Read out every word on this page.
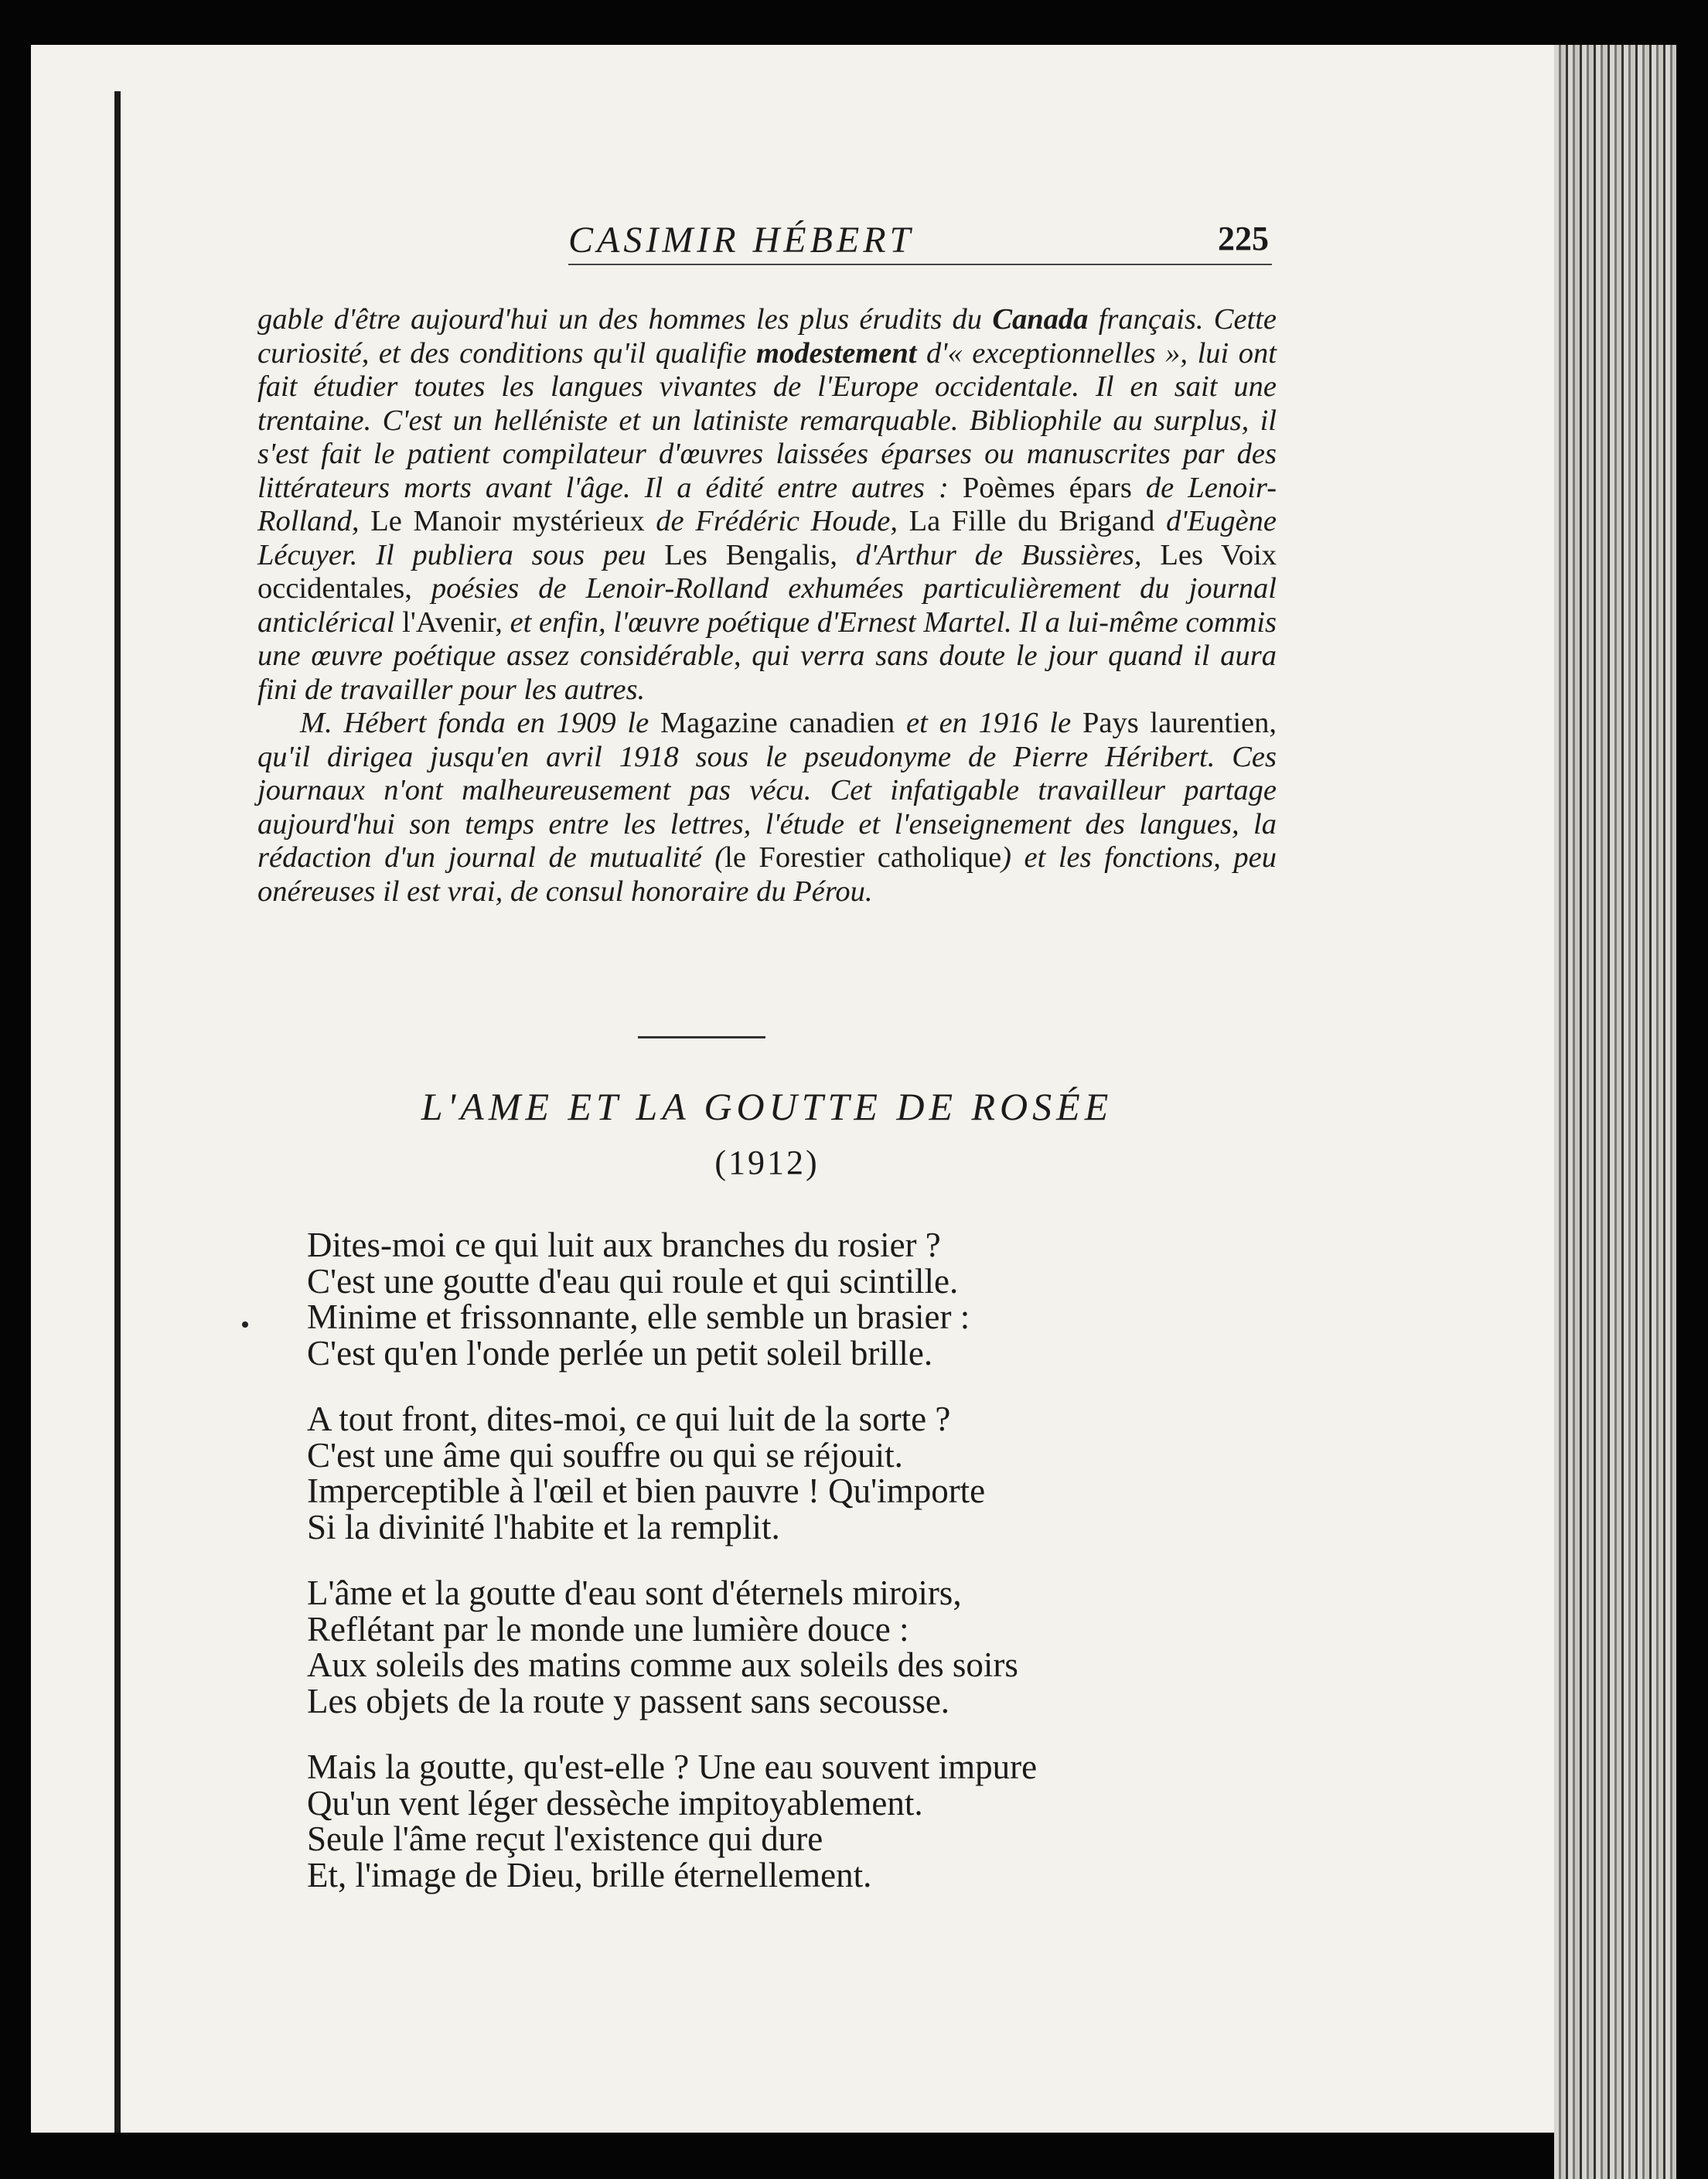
CASIMIR HÉBERT	225

gable d'être aujourd'hui un des hommes les plus érudits du Canada français. Cette curiosité, et des conditions qu'il qualifie modestement d'« exceptionnelles », lui ont fait étudier toutes les langues vivantes de l'Europe occidentale. Il en sait une trentaine. C'est un helléniste et un latiniste remarquable. Bibliophile au surplus, il s'est fait le patient compilateur d'œuvres laissées éparses ou manuscrites par des littérateurs morts avant l'âge. Il a édité entre autres : Poèmes épars de Lenoir-Rolland, Le Manoir mystérieux de Frédéric Houde, La Fille du Brigand d'Eugène Lécuyer. Il publiera sous peu Les Bengalis, d'Arthur de Bussières, Les Voix occidentales, poésies de Lenoir-Rolland exhumées particulièrement du journal anticlérical l'Avenir, et enfin, l'œuvre poétique d'Ernest Martel. Il a lui-même commis une œuvre poétique assez considérable, qui verra sans doute le jour quand il aura fini de travailler pour les autres.

M. Hébert fonda en 1909 le Magazine canadien et en 1916 le Pays laurentien, qu'il dirigea jusqu'en avril 1918 sous le pseudonyme de Pierre Héribert. Ces journaux n'ont malheureusement pas vécu. Cet infatigable travailleur partage aujourd'hui son temps entre les lettres, l'étude et l'enseignement des langues, la rédaction d'un journal de mutualité (le Forestier catholique) et les fonctions, peu onéreuses il est vrai, de consul honoraire du Pérou.

L'AME ET LA GOUTTE DE ROSÉE
(1912)
Dites-moi ce qui luit aux branches du rosier ?
C'est une goutte d'eau qui roule et qui scintille.
Minime et frissonnante, elle semble un brasier :
C'est qu'en l'onde perlée un petit soleil brille.
A tout front, dites-moi, ce qui luit de la sorte ?
C'est une âme qui souffre ou qui se réjouit.
Imperceptible à l'œil et bien pauvre ! Qu'importe
Si la divinité l'habite et la remplit.
L'âme et la goutte d'eau sont d'éternels miroirs,
Reflétant par le monde une lumière douce :
Aux soleils des matins comme aux soleils des soirs
Les objets de la route y passent sans secousse.
Mais la goutte, qu'est-elle ? Une eau souvent impure
Qu'un vent léger dessèche impitoyablement.
Seule l'âme reçut l'existence qui dure
Et, l'image de Dieu, brille éternellement.
